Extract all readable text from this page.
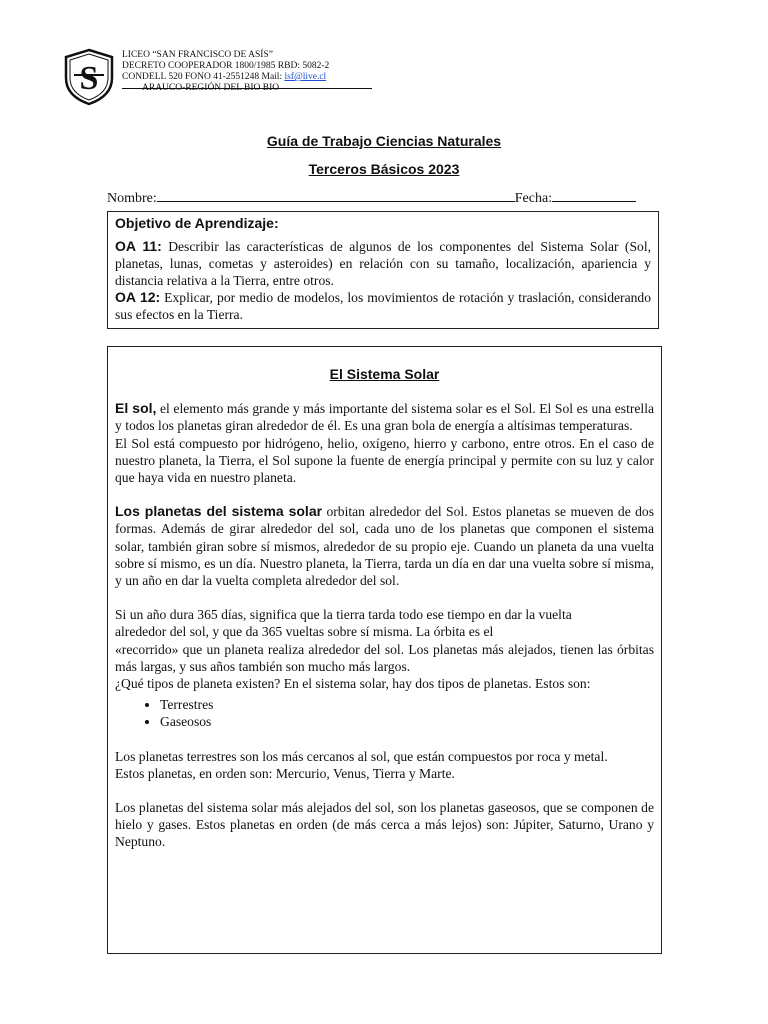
S
LICEO “SAN FRANCISCO DE ASÍS”
DECRETO COOPERADOR 1800/1985 RBD: 5082-2
CONDELL 520 FONO 41-2551248 Mail: lsf@live.cl
ARAUCO-REGIÓN DEL BIO BIO
Guía de Trabajo Ciencias Naturales
Terceros Básicos 2023
Nombre:	Fecha:
Objetivo de Aprendizaje:
OA 11: Describir las características de algunos de los componentes del Sistema Solar (Sol, planetas, lunas, cometas y asteroides) en relación con su tamaño, localización, apariencia y distancia relativa a la Tierra, entre otros.
OA 12: Explicar, por medio de modelos, los movimientos de rotación y traslación, considerando sus efectos en la Tierra.
El Sistema Solar

El sol, el elemento más grande y más importante del sistema solar es el Sol. El Sol es una estrella y todos los planetas giran alrededor de él. Es una gran bola de energía a altísimas temperaturas.

El Sol está compuesto por hidrógeno, helio, oxígeno, hierro y carbono, entre otros. En el caso de nuestro planeta, la Tierra, el Sol supone la fuente de energía principal y permite con su luz y calor que haya vida en nuestro planeta.

Los planetas del sistema solar orbitan alrededor del Sol. Estos planetas se mueven de dos formas. Además de girar alrededor del sol, cada uno de los planetas que componen el sistema solar, también giran sobre sí mismos, alrededor de su propio eje. Cuando un planeta da una vuelta sobre sí mismo, es un día. Nuestro planeta, la Tierra, tarda un día en dar una vuelta sobre sí misma, y un año en dar la vuelta completa alrededor del sol.

Si un año dura 365 días, significa que la tierra tarda todo ese tiempo en dar la vuelta
alrededor del sol, y que da 365 vueltas sobre sí misma. La órbita es el

«recorrido» que un planeta realiza alrededor del sol. Los planetas más alejados, tienen las órbitas más largas, y sus años también son mucho más largos.

¿Qué tipos de planeta existen? En el sistema solar, hay dos tipos de planetas. Estos son:
• Terrestres
• Gaseosos
Los planetas terrestres son los más cercanos al sol, que están compuestos por roca y metal.
Estos planetas, en orden son: Mercurio, Venus, Tierra y Marte.

Los planetas del sistema solar más alejados del sol, son los planetas gaseosos, que se componen de hielo y gases. Estos planetas en orden (de más cerca a más lejos) son: Júpiter, Saturno, Urano y Neptuno.
